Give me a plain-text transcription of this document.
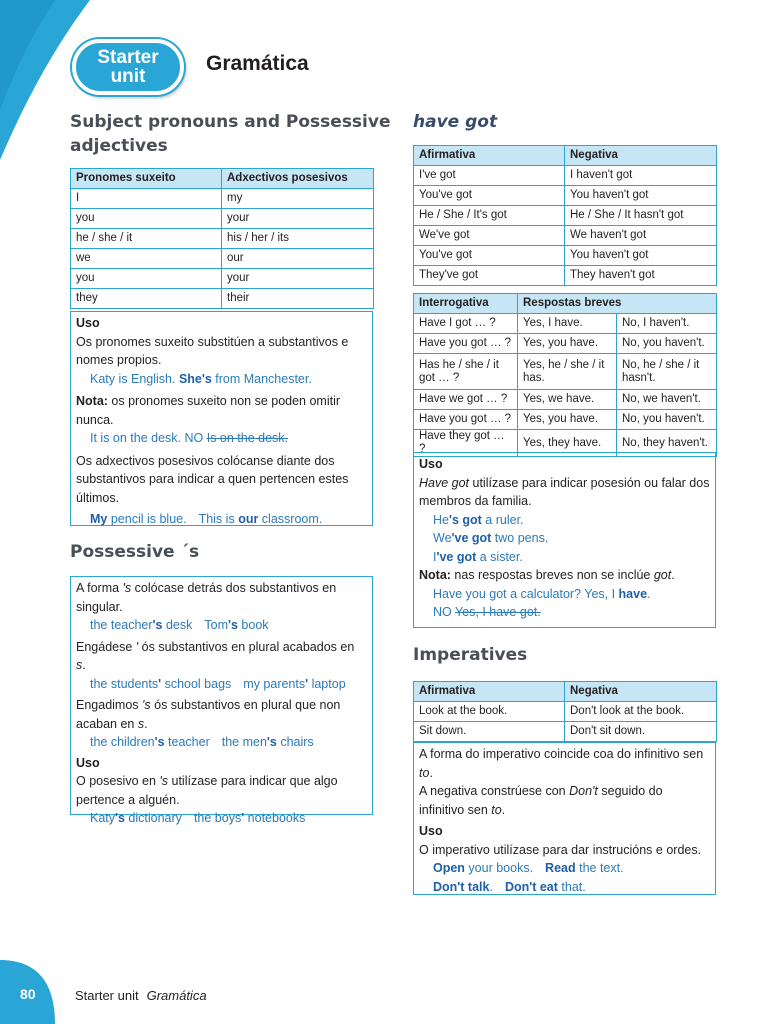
Starter
unit
Gramática
Subject pronouns and Possessive
adjectives
Pronomes suxeito	Adxectivos posesivos
I	my
you	your
he / she / it	his / her / its
we	our
you	your
they	their
Uso
Os pronomes suxeito substitúen a substantivos e nomes propios.
Katy is English. She's from Manchester.
Nota: os pronomes suxeito non se poden omitir nunca.
It is on the desk. NO Is on the desk.
Os adxectivos posesivos colócanse diante dos substantivos para indicar a quen pertencen estes últimos.
My pencil is blue. This is our classroom.
Possessive ´s
A forma 's colócase detrás dos substantivos en singular.
the teacher's desk Tom's book
Engádese ' ós substantivos en plural acabados en s.
the students' school bags my parents' laptop
Engadimos 's ós substantivos en plural que non acaban en s.
the children's teacher the men's chairs
Uso
O posesivo en 's utilízase para indicar que algo pertence a alguén.
Katy's dictionary the boys' notebooks
have got
Afirmativa	Negativa
I've got	I haven't got
You've got	You haven't got
He / She / It's got	He / She / It hasn't got
We've got	We haven't got
You've got	You haven't got
They've got	They haven't got
Interrogativa	Respostas breves	
Have I got … ?	Yes, I have.	No, I haven't.
Have you got … ?	Yes, you have.	No, you haven't.
Has he / she / it got … ?	Yes, he / she / it has.	No, he / she / it hasn't.
Have we got … ?	Yes, we have.	No, we haven't.
Have you got … ?	Yes, you have.	No, you haven't.
Have they got … ?	Yes, they have.	No, they haven't.
Uso
Have got utilízase para indicar posesión ou falar dos membros da familia.
He's got a ruler.
We've got two pens.
I've got a sister.
Nota: nas respostas breves non se inclúe got.
Have you got a calculator? Yes, I have.
NO Yes, I have got.
Imperatives
Afirmativa	Negativa
Look at the book.	Don't look at the book.
Sit down.	Don't sit down.
A forma do imperativo coincide coa do infinitivo sen to.
A negativa constrúese con Don't seguido do infinitivo sen to.
Uso
O imperativo utilízase para dar instrucións e ordes.
Open your books. Read the text.
Don't talk. Don't eat that.
80	Starter unit Gramática
